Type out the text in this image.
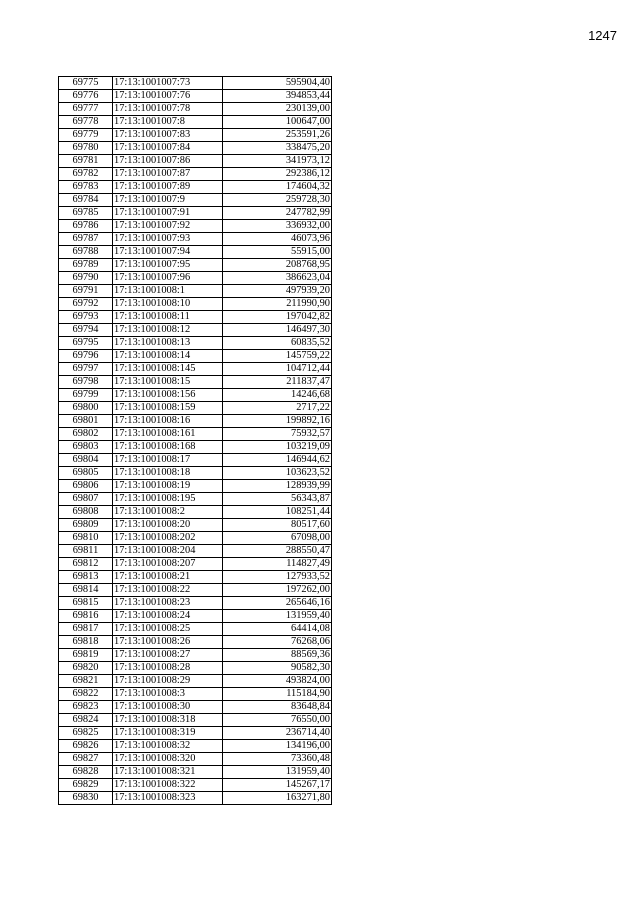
1247
69775	17:13:1001007:73	595904,40
69776	17:13:1001007:76	394853,44
69777	17:13:1001007:78	230139,00
69778	17:13:1001007:8	100647,00
69779	17:13:1001007:83	253591,26
69780	17:13:1001007:84	338475,20
69781	17:13:1001007:86	341973,12
69782	17:13:1001007:87	292386,12
69783	17:13:1001007:89	174604,32
69784	17:13:1001007:9	259728,30
69785	17:13:1001007:91	247782,99
69786	17:13:1001007:92	336932,00
69787	17:13:1001007:93	46073,96
69788	17:13:1001007:94	55915,00
69789	17:13:1001007:95	208768,95
69790	17:13:1001007:96	386623,04
69791	17:13:1001008:1	497939,20
69792	17:13:1001008:10	211990,90
69793	17:13:1001008:11	197042,82
69794	17:13:1001008:12	146497,30
69795	17:13:1001008:13	60835,52
69796	17:13:1001008:14	145759,22
69797	17:13:1001008:145	104712,44
69798	17:13:1001008:15	211837,47
69799	17:13:1001008:156	14246,68
69800	17:13:1001008:159	2717,22
69801	17:13:1001008:16	199892,16
69802	17:13:1001008:161	75932,57
69803	17:13:1001008:168	103219,09
69804	17:13:1001008:17	146944,62
69805	17:13:1001008:18	103623,52
69806	17:13:1001008:19	128939,99
69807	17:13:1001008:195	56343,87
69808	17:13:1001008:2	108251,44
69809	17:13:1001008:20	80517,60
69810	17:13:1001008:202	67098,00
69811	17:13:1001008:204	288550,47
69812	17:13:1001008:207	114827,49
69813	17:13:1001008:21	127933,52
69814	17:13:1001008:22	197262,00
69815	17:13:1001008:23	265646,16
69816	17:13:1001008:24	131959,40
69817	17:13:1001008:25	64414,08
69818	17:13:1001008:26	76268,06
69819	17:13:1001008:27	88569,36
69820	17:13:1001008:28	90582,30
69821	17:13:1001008:29	493824,00
69822	17:13:1001008:3	115184,90
69823	17:13:1001008:30	83648,84
69824	17:13:1001008:318	76550,00
69825	17:13:1001008:319	236714,40
69826	17:13:1001008:32	134196,00
69827	17:13:1001008:320	73360,48
69828	17:13:1001008:321	131959,40
69829	17:13:1001008:322	145267,17
69830	17:13:1001008:323	163271,80
